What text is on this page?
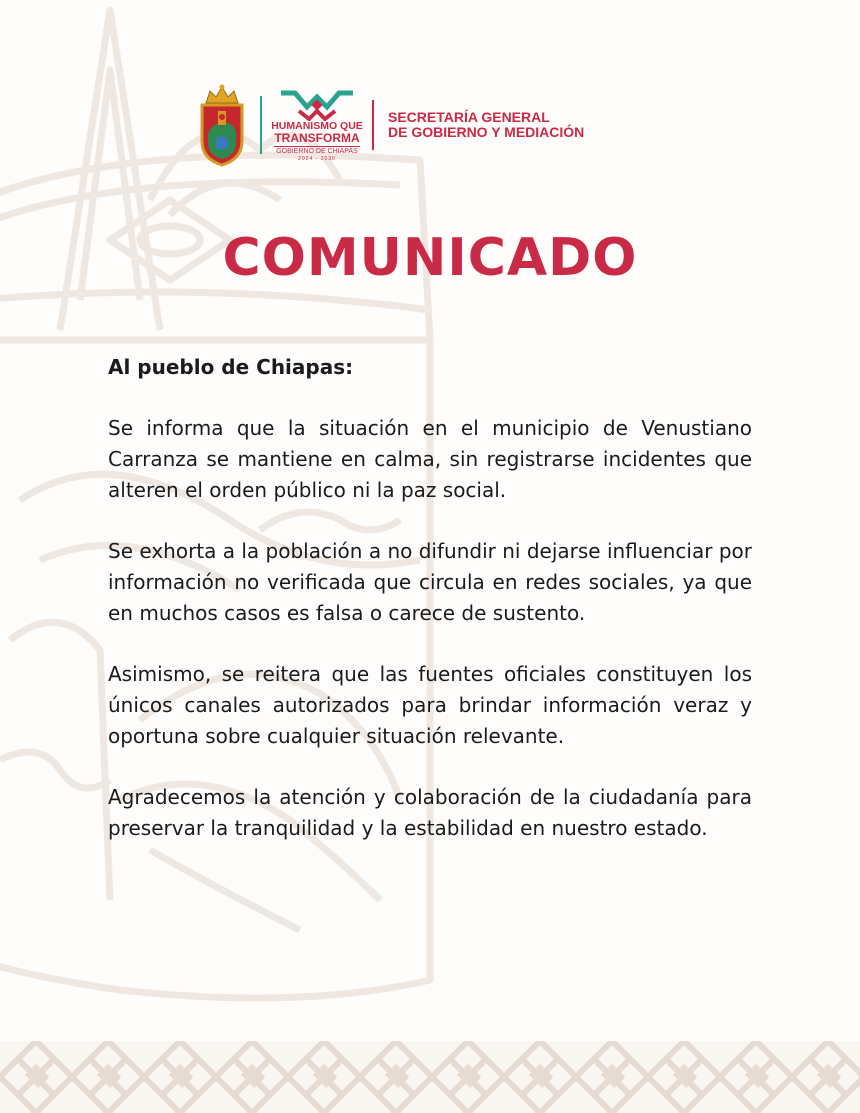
HUMANISMO QUE
TRANSFORMA
GOBIERNO DE CHIAPAS
2024 - 2030
SECRETARÍA GENERAL
DE GOBIERNO Y MEDIACIÓN
COMUNICADO

Al pueblo de Chiapas:

Se informa que la situación en el municipio de Venustiano Carranza se mantiene en calma, sin registrarse incidentes que alteren el orden público ni la paz social.

Se exhorta a la población a no difundir ni dejarse influenciar por información no verificada que circula en redes sociales, ya que en muchos casos es falsa o carece de sustento.

Asimismo, se reitera que las fuentes oficiales constituyen los únicos canales autorizados para brindar información veraz y oportuna sobre cualquier situación relevante.

Agradecemos la atención y colaboración de la ciudadanía para preservar la tranquilidad y la estabilidad en nuestro estado.
